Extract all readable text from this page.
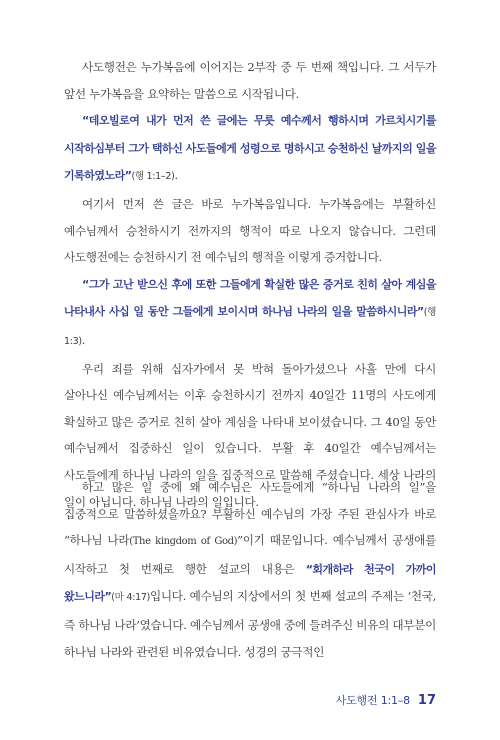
사도행전은 누가복음에 이어지는 2부작 중 두 번째 책입니다. 그 서두가 앞선 누가복음을 요약하는 말씀으로 시작됩니다.

“데오빌로여 내가 먼저 쓴 글에는 무릇 예수께서 행하시며 가르치시기를 시작하심부터 그가 택하신 사도들에게 성령으로 명하시고 승천하신 날까지의 일을 기록하였노라”(행 1:1–2).

여기서 먼저 쓴 글은 바로 누가복음입니다. 누가복음에는 부활하신 예수님께서 승천하시기 전까지의 행적이 따로 나오지 않습니다. 그런데 사도행전에는 승천하시기 전 예수님의 행적을 이렇게 증거합니다.

“그가 고난 받으신 후에 또한 그들에게 확실한 많은 증거로 친히 살아 계심을 나타내사 사십 일 동안 그들에게 보이시며 하나님 나라의 일을 말씀하시니라”(행 1:3).

우리 죄를 위해 십자가에서 못 박혀 돌아가셨으나 사흘 만에 다시 살아나신 예수님께서는 이후 승천하시기 전까지 40일간 11명의 사도에게 확실하고 많은 증거로 친히 살아 계심을 나타내 보이셨습니다. 그 40일 동안 예수님께서 집중하신 일이 있습니다. 부활 후 40일간 예수님께서는 사도들에게 하나님 나라의 일을 집중적으로 말씀해 주셨습니다. 세상 나라의 일이 아닙니다. 하나님 나라의 일입니다.

하고 많은 일 중에 왜 예수님은 사도들에게 “하나님 나라의 일”을 집중적으로 말씀하셨을까요? 부활하신 예수님의 가장 주된 관심사가 바로 “하나님 나라(The kingdom of God)”이기 때문입니다. 예수님께서 공생애를 시작하고 첫 번째로 행한 설교의 내용은 “회개하라 천국이 가까이 왔느니라”(마 4:17)입니다. 예수님의 지상에서의 첫 번째 설교의 주제는 ‘천국, 즉 하나님 나라’였습니다. 예수님께서 공생애 중에 들려주신 비유의 대부분이 하나님 나라와 관련된 비유였습니다. 성경의 궁극적인

사도행전 1:1–8 17
